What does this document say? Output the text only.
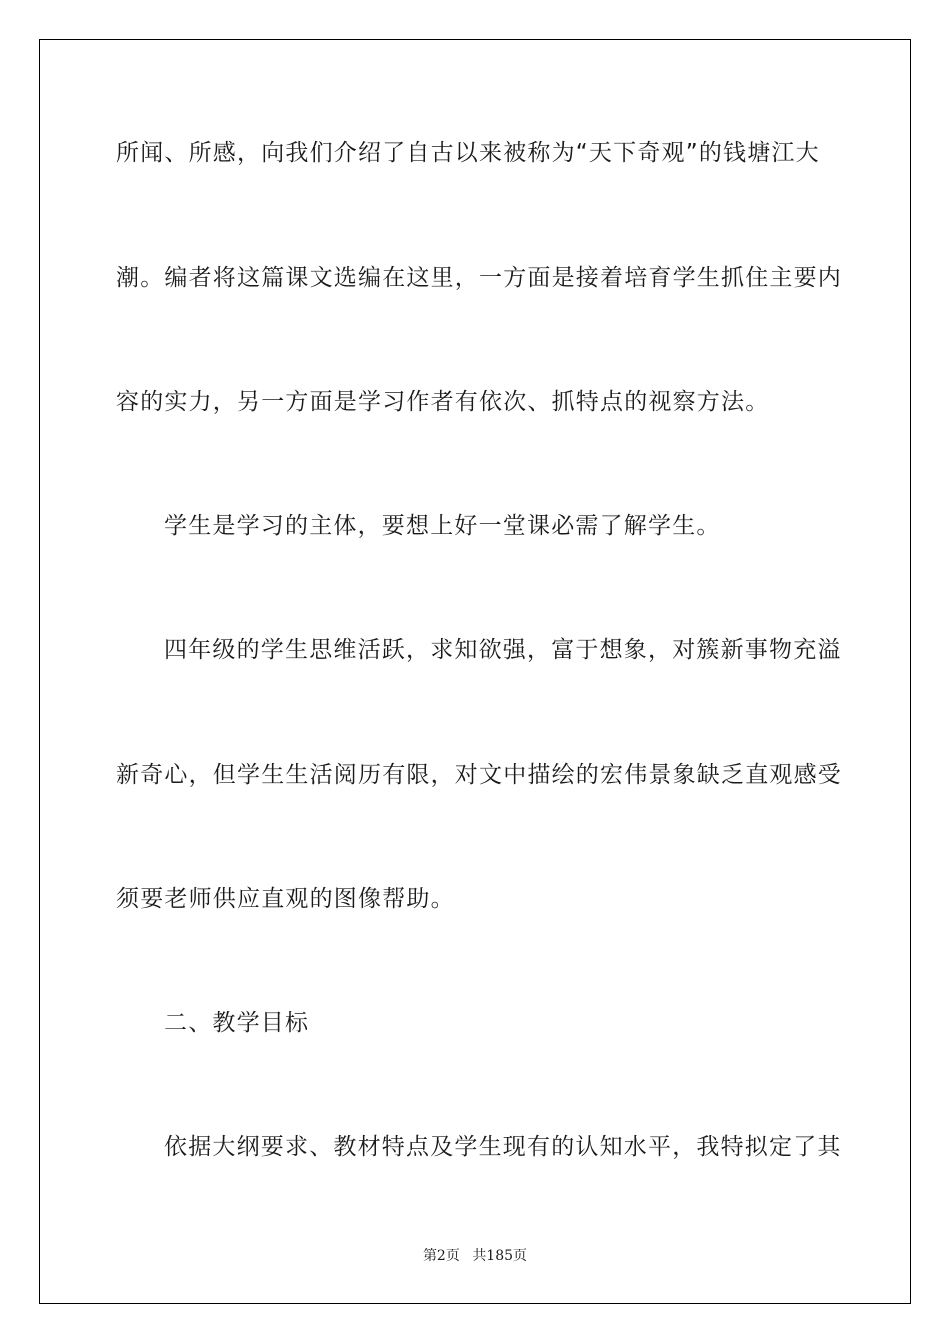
所闻、所感，向我们介绍了自古以来被称为“天下奇观”的钱塘江大
潮。编者将这篇课文选编在这里，一方面是接着培育学生抓住主要内
容的实力，另一方面是学习作者有依次、抓特点的视察方法。
学生是学习的主体，要想上好一堂课必需了解学生。
四年级的学生思维活跃，求知欲强，富于想象，对簇新事物充溢
新奇心，但学生生活阅历有限，对文中描绘的宏伟景象缺乏直观感受
须要老师供应直观的图像帮助。
二、教学目标
依据大纲要求、教材特点及学生现有的认知水平，我特拟定了其
第2页 共185页
